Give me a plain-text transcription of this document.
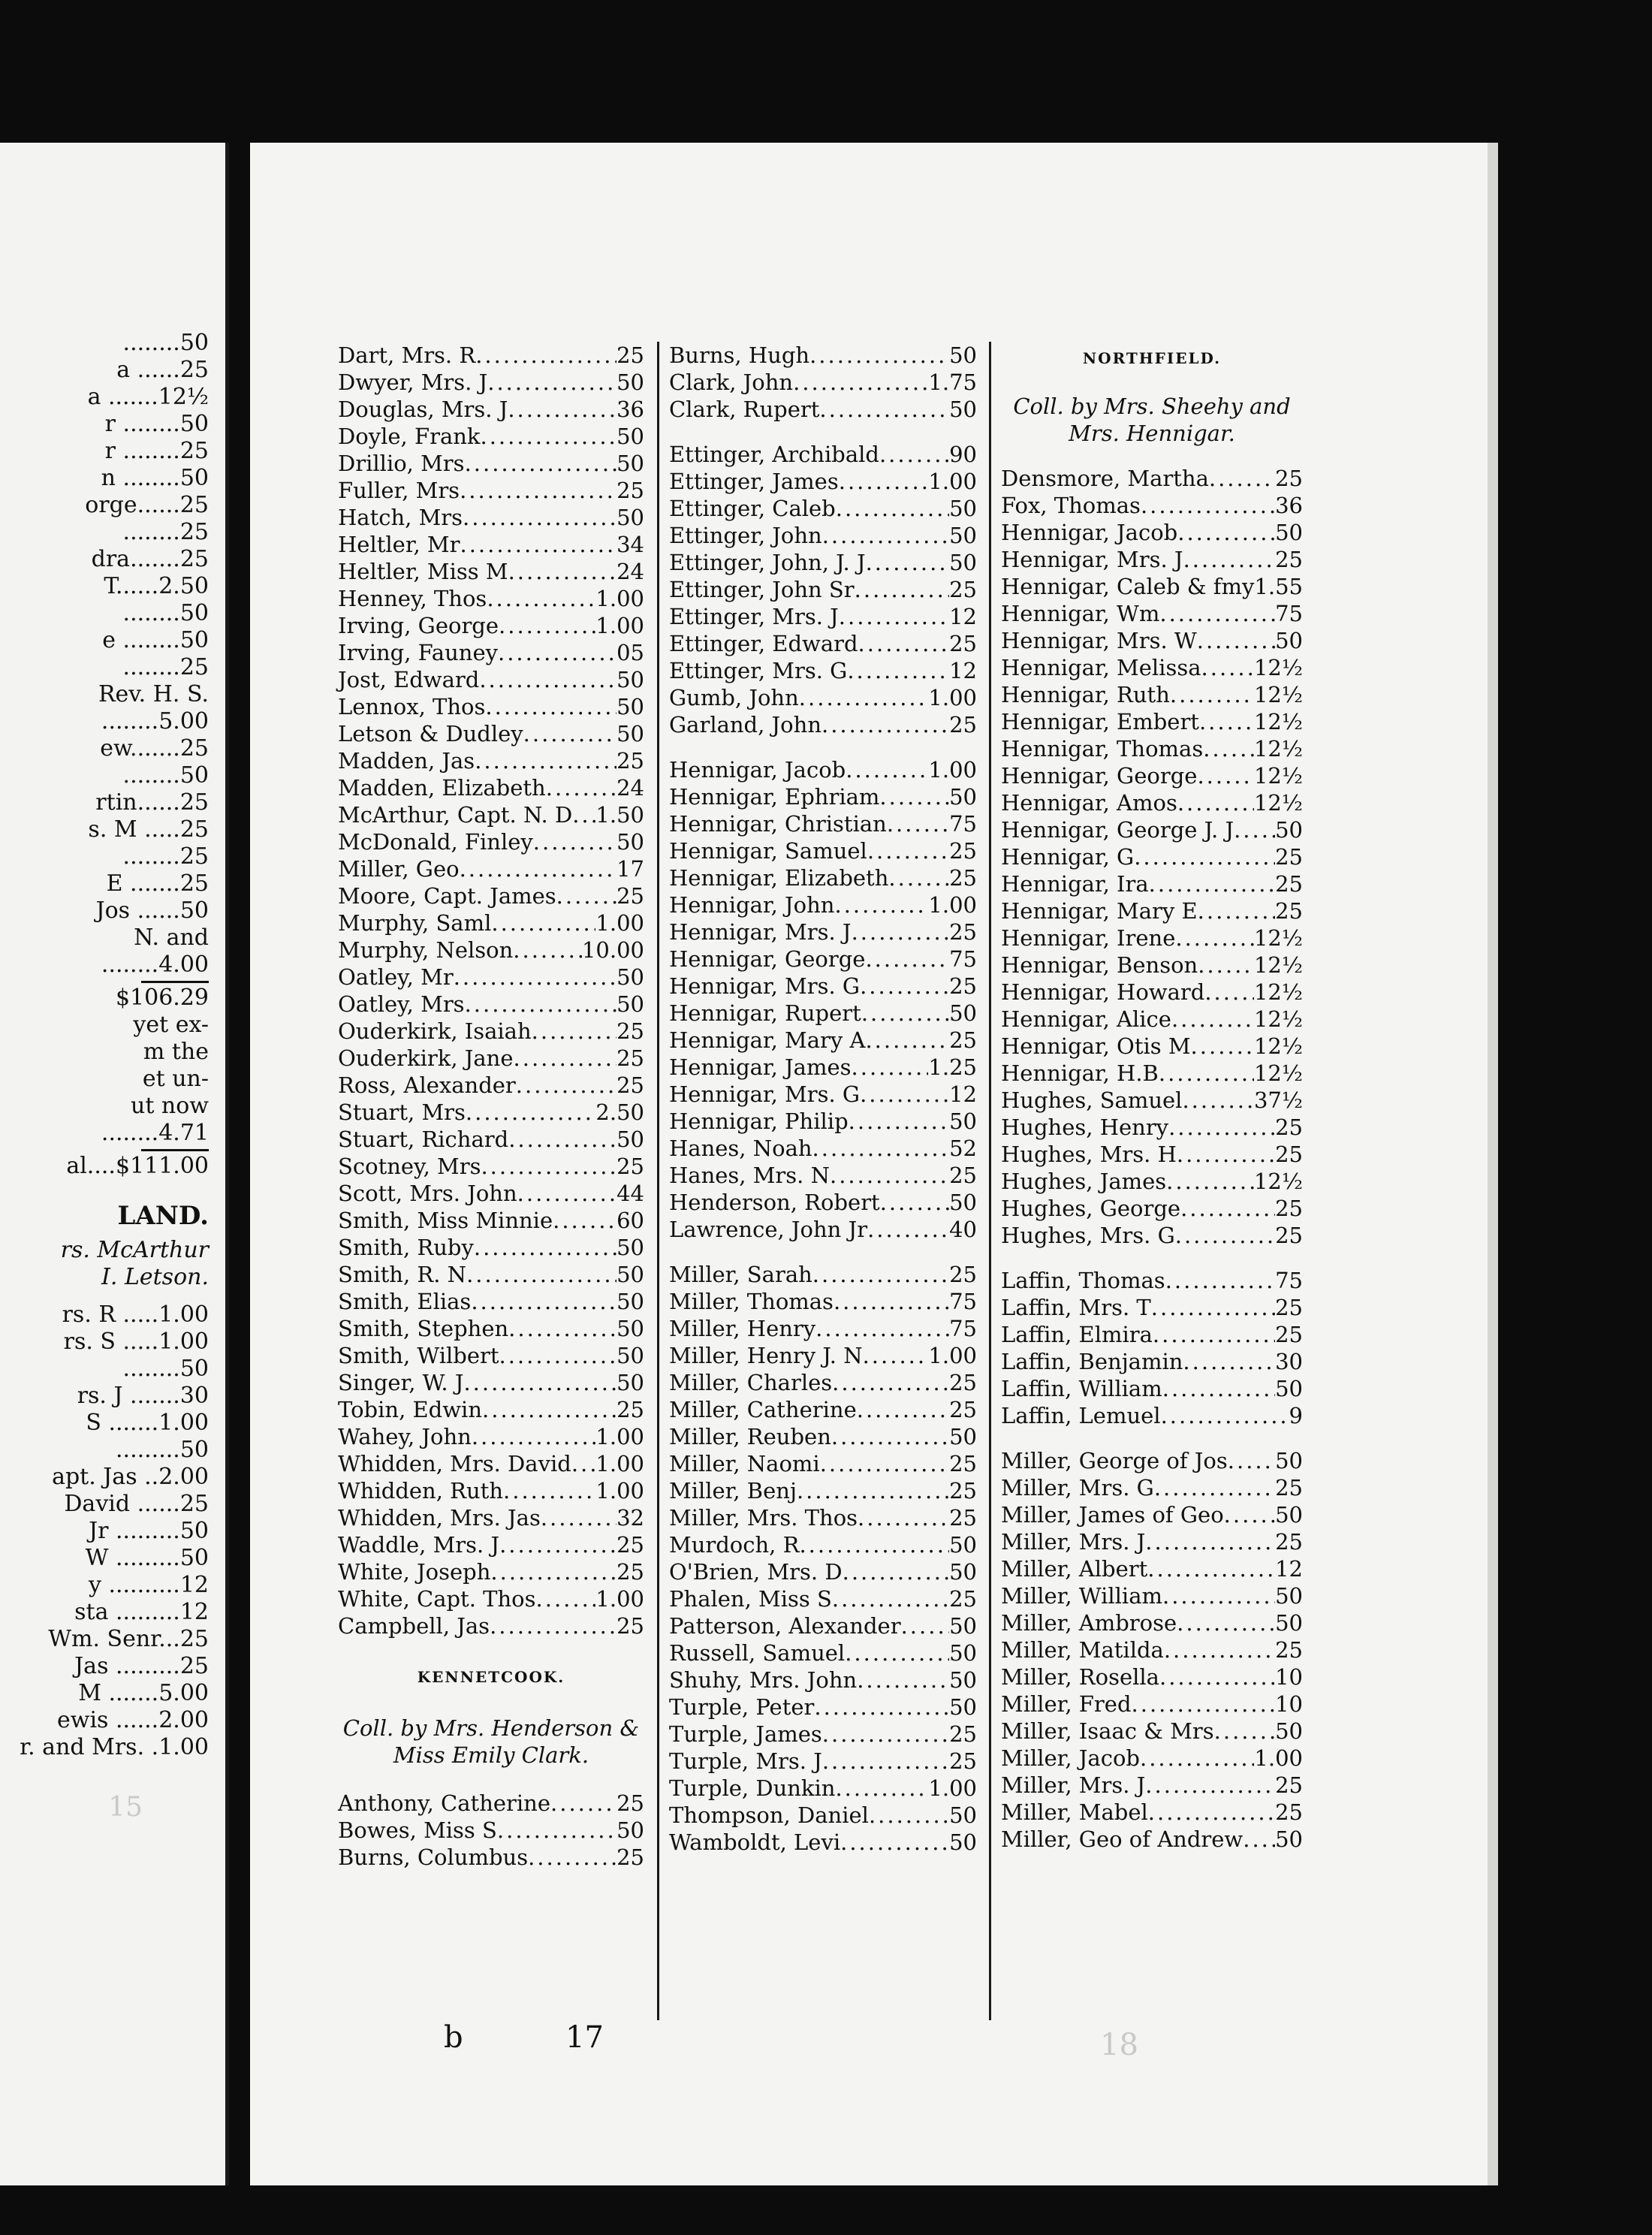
........50
a ......25
a .......12½
r ........50
r ........25
n ........50
orge......25
........25
dra.......25
T......2.50
........50
e ........50
........25
Rev. H. S.
........5.00
ew.......25
........50
rtin......25
s. M .....25
........25
E .......25
Jos ......50
N. and
........4.00
$106.29
yet ex-
m the
et un-
ut now
........4.71
al....$111.00
LAND.
rs. McArthur
I. Letson.
rs. R .....1.00
rs. S .....1.00
........50
rs. J .......30
S .......1.00
.........50
apt. Jas ..2.00
David ......25
Jr .........50
W .........50
y ..........12
sta .........12
Wm. Senr...25
Jas .........25
M .......5.00
ewis ......2.00
r. and Mrs. .1.00
15
b	17	18
Dart, Mrs. R .....	25
Dwyer, Mrs. J .....	50
Douglas, Mrs. J .....	36
Doyle, Frank .....	50
Drillio, Mrs .....	50
Fuller, Mrs .....	25
Hatch, Mrs .....	50
Heltler, Mr .....	34
Heltler, Miss M .....	24
Henney, Thos .....	1.00
Irving, George .....	1.00
Irving, Fauney .....	05
Jost, Edward .....	50
Lennox, Thos .....	50
Letson & Dudley .....	50
Madden, Jas .....	25
Madden, Elizabeth .....	24
McArthur, Capt. N. D ..... 1.50
McDonald, Finley .....	50
Miller, Geo .....	17
Moore, Capt. James .....	25
Murphy, Saml .....	1.00
Murphy, Nelson .....	10.00
Oatley, Mr .....	50
Oatley, Mrs .....	50
Ouderkirk, Isaiah .....	25
Ouderkirk, Jane .....	25
Ross, Alexander .....	25
Stuart, Mrs .....	2.50
Stuart, Richard .....	50
Scotney, Mrs .....	25
Scott, Mrs. John .....	44
Smith, Miss Minnie .....	60
Smith, Ruby .....	50
Smith, R. N .....	50
Smith, Elias .....	50
Smith, Stephen .....	50
Smith, Wilbert .....	50
Singer, W. J .....	50
Tobin, Edwin .....	25
Wahey, John .....	1.00
Whidden, Mrs. David ..... 1.00
Whidden, Ruth .....	1.00
Whidden, Mrs. Jas .....	32
Waddle, Mrs. J .....	25
White, Joseph .....	25
White, Capt. Thos .....	1.00
Campbell, Jas .....	25
KENNETCOOK.
Coll. by Mrs. Henderson &
Miss Emily Clark.
Anthony, Catherine .....	25
Bowes, Miss S .....	50
Burns, Columbus .....	25
Burns, Hugh .....	50
Clark, John .....	1.75
Clark, Rupert .....	50
Ettinger, Archibald .....	90
Ettinger, James .....	1.00
Ettinger, Caleb .....	50
Ettinger, John .....	50
Ettinger, John, J. J .....	50
Ettinger, John Sr .....	25
Ettinger, Mrs. J .....	12
Ettinger, Edward .....	25
Ettinger, Mrs. G .....	12
Gumb, John .....	1.00
Garland, John .....	25
Hennigar, Jacob .....	1.00
Hennigar, Ephriam .....	50
Hennigar, Christian .....	75
Hennigar, Samuel .....	25
Hennigar, Elizabeth .....	25
Hennigar, John .....	1.00
Hennigar, Mrs. J .....	25
Hennigar, George .....	75
Hennigar, Mrs. G .....	25
Hennigar, Rupert .....	50
Hennigar, Mary A .....	25
Hennigar, James .....	1.25
Hennigar, Mrs. G .....	12
Hennigar, Philip .....	50
Hanes, Noah .....	52
Hanes, Mrs. N .....	25
Henderson, Robert .....	50
Lawrence, John Jr .....	40
Miller, Sarah .....	25
Miller, Thomas .....	75
Miller, Henry .....	75
Miller, Henry J. N .....	1.00
Miller, Charles .....	25
Miller, Catherine .....	25
Miller, Reuben .....	50
Miller, Naomi .....	25
Miller, Benj .....	25
Miller, Mrs. Thos .....	25
Murdoch, R .....	50
O'Brien, Mrs. D .....	50
Phalen, Miss S .....	25
Patterson, Alexander ..... 50
Russell, Samuel .....	50
Shuhy, Mrs. John .....	50
Turple, Peter .....	50
Turple, James .....	25
Turple, Mrs. J .....	25
Turple, Dunkin .....	1.00
Thompson, Daniel .....	50
Wamboldt, Levi .....	50
NORTHFIELD.
Coll. by Mrs. Sheehy and
Mrs. Hennigar.
Densmore, Martha .....	25
Fox, Thomas .....	36
Hennigar, Jacob .....	50
Hennigar, Mrs. J .....	25
Hennigar, Caleb & fmy ..... 1.55
Hennigar, Wm .....	75
Hennigar, Mrs. W .....	50
Hennigar, Melissa ..... 12½
Hennigar, Ruth .....	12½
Hennigar, Embert .....	12½
Hennigar, Thomas ..... 12½
Hennigar, George .....	12½
Hennigar, Amos .....	12½
Hennigar, George J. J ..... 50
Hennigar, G .....	25
Hennigar, Ira .....	25
Hennigar, Mary E .....	25
Hennigar, Irene .....	12½
Hennigar, Benson .....	12½
Hennigar, Howard ..... 12½
Hennigar, Alice .....	12½
Hennigar, Otis M .....	12½
Hennigar, H.B .....	12½
Hughes, Samuel .....	37½
Hughes, Henry .....	25
Hughes, Mrs. H .....	25
Hughes, James .....	12½
Hughes, George .....	25
Hughes, Mrs. G .....	25
Laffin, Thomas .....	75
Laffin, Mrs. T .....	25
Laffin, Elmira .....	25
Laffin, Benjamin .....	30
Laffin, William .....	50
Laffin, Lemuel .....	9
Miller, George of Jos ..... 50
Miller, Mrs. G .....	25
Miller, James of Geo ..... 50
Miller, Mrs. J .....	25
Miller, Albert .....	12
Miller, William .....	50
Miller, Ambrose .....	50
Miller, Matilda .....	25
Miller, Rosella .....	10
Miller, Fred .....	10
Miller, Isaac & Mrs .....	50
Miller, Jacob .....	1.00
Miller, Mrs. J .....	25
Miller, Mabel .....	25
Miller, Geo of Andrew ..... 50
